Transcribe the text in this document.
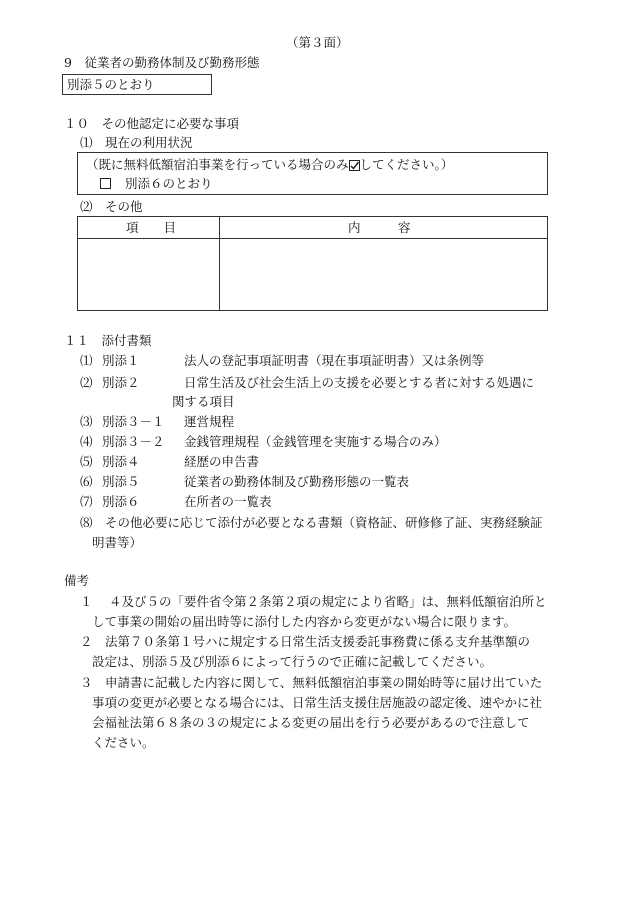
（第３面）
9　従業者の勤務体制及び勤務形態
別添５のとおり
１０　その他認定に必要な事項
⑴　現在の利用状況
（既に無料低額宿泊事業を行っている場合のみ してください。）
別添６のとおり
⑵　その他
項　　目	内　　　容
１１　添付書類
⑴ 別添１	法人の登記事項証明書（現在事項証明書）又は条例等
⑵ 別添２	日常生活及び社会生活上の支援を必要とする者に対する処遇に
関する項目
⑶ 別添３－１ 運営規程
⑷ 別添３－２ 金銭管理規程（金銭管理を実施する場合のみ）
⑸ 別添４	経歴の申告書
⑹ 別添５	従業者の勤務体制及び勤務形態の一覧表
⑺ 別添６	在所者の一覧表
⑻　その他必要に応じて添付が必要となる書類（資格証、研修修了証、実務経験証
明書等）
備考
１　 ４及び５の「要件省令第２条第２項の規定により省略」は、無料低額宿泊所と
して事業の開始の届出時等に添付した内容から変更がない場合に限ります。
２　法第７０条第１号ハに規定する日常生活支援委託事務費に係る支弁基準額の
設定は、別添５及び別添６によって行うので正確に記載してください。
３　申請書に記載した内容に関して、無料低額宿泊事業の開始時等に届け出ていた
事項の変更が必要となる場合には、日常生活支援住居施設の認定後、速やかに社
会福祉法第６８条の３の規定による変更の届出を行う必要があるので注意して
ください。
